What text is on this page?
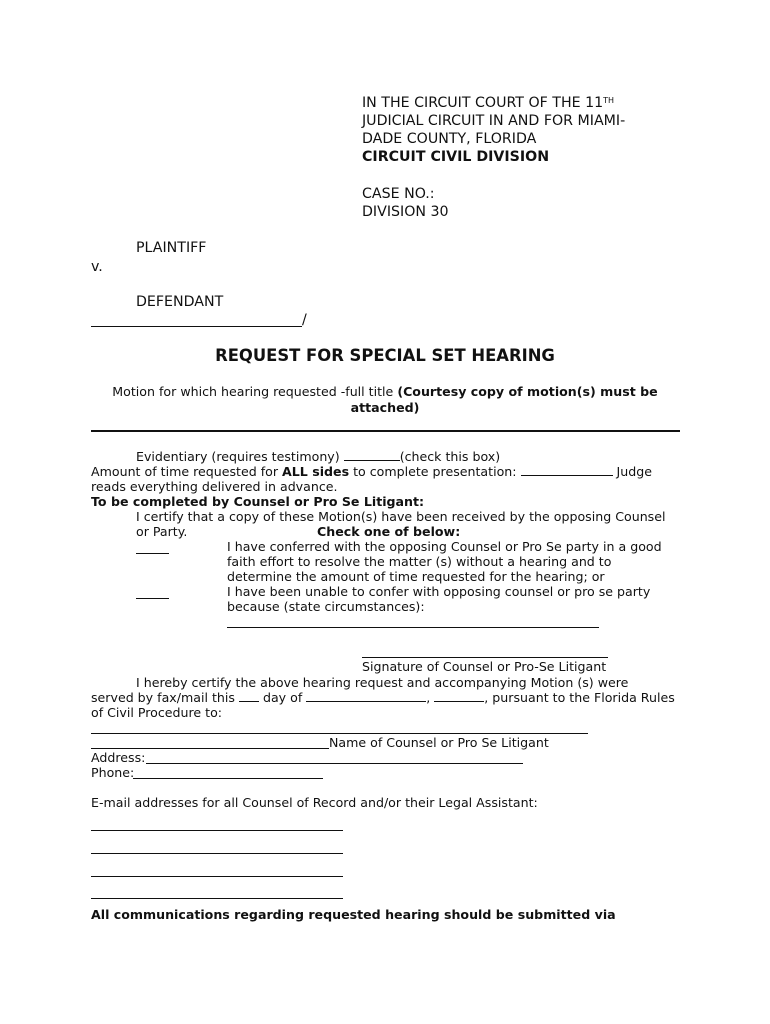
IN THE CIRCUIT COURT OF THE 11TH
JUDICIAL CIRCUIT IN AND FOR MIAMI-
DADE COUNTY, FLORIDA
CIRCUIT CIVIL DIVISION
CASE NO.:
DIVISION 30
PLAINTIFF
v.
DEFENDANT
/
REQUEST FOR SPECIAL SET HEARING
Motion for which hearing requested -full title (Courtesy copy of motion(s) must be attached)
Evidentiary (requires testimony)	(check this box)
Amount of time requested for ALL sides to complete presentation:	Judge
reads everything delivered in advance.
To be completed by Counsel or Pro Se Litigant:
I certify that a copy of these Motion(s) have been received by the opposing Counsel
or Party.	Check one of below:
I have conferred with the opposing Counsel or Pro Se party in a good
faith effort to resolve the matter (s) without a hearing and to
determine the amount of time requested for the hearing; or
I have been unable to confer with opposing counsel or pro se party
because (state circumstances):
Signature of Counsel or Pro-Se Litigant
I hereby certify the above hearing request and accompanying Motion (s) were
served by fax/mail this  day of	,	, pursuant to the Florida Rules
of Civil Procedure to:
Name of Counsel or Pro Se Litigant
Address:
Phone:
E-mail addresses for all Counsel of Record and/or their Legal Assistant:
All communications regarding requested hearing should be submitted via
